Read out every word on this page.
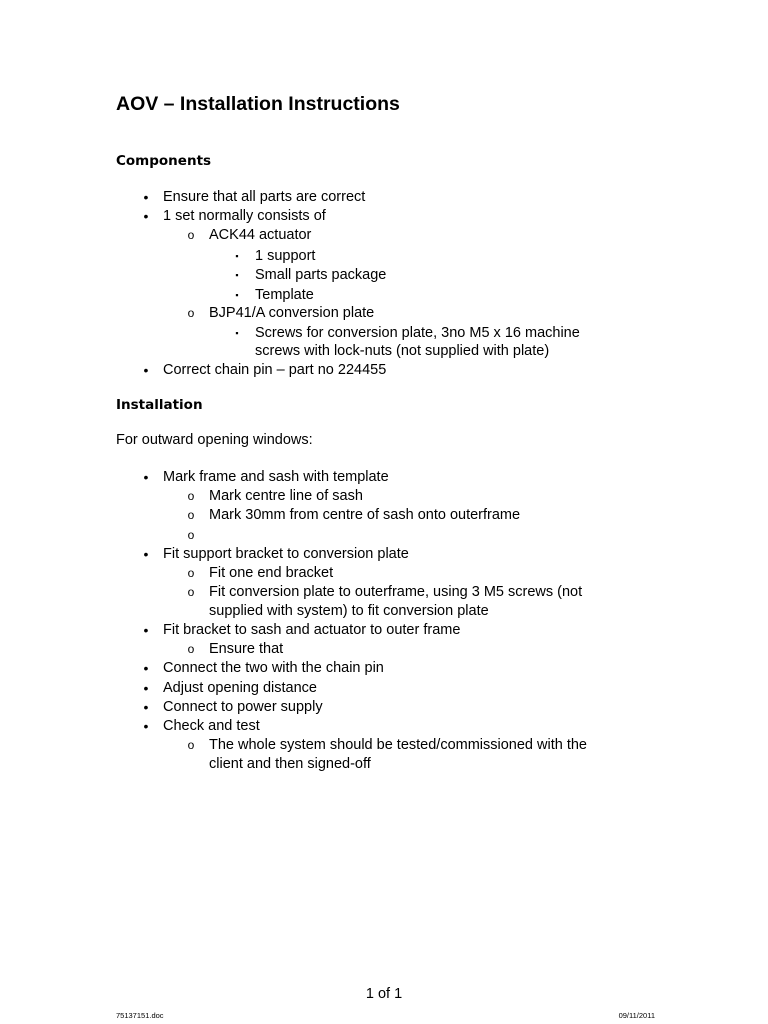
AOV – Installation Instructions
Components
• Ensure that all parts are correct
• 1 set normally consists of
o ACK44 actuator
▪ 1 support
▪ Small parts package
▪ Template
o BJP41/A conversion plate
▪ Screws for conversion plate, 3no M5 x 16 machine
screws with lock-nuts (not supplied with plate)
• Correct chain pin – part no 224455
Installation

For outward opening windows:

• Mark frame and sash with template
o Mark centre line of sash
o Mark 30mm from centre of sash onto outerframe
o
• Fit support bracket to conversion plate
o Fit one end bracket
o Fit conversion plate to outerframe, using 3 M5 screws (not
supplied with system) to fit conversion plate
• Fit bracket to sash and actuator to outer frame
o Ensure that
• Connect the two with the chain pin
• Adjust opening distance
• Connect to power supply
• Check and test
o The whole system should be tested/commissioned with the
client and then signed-off
1 of 1
75137151.doc	09/11/2011
